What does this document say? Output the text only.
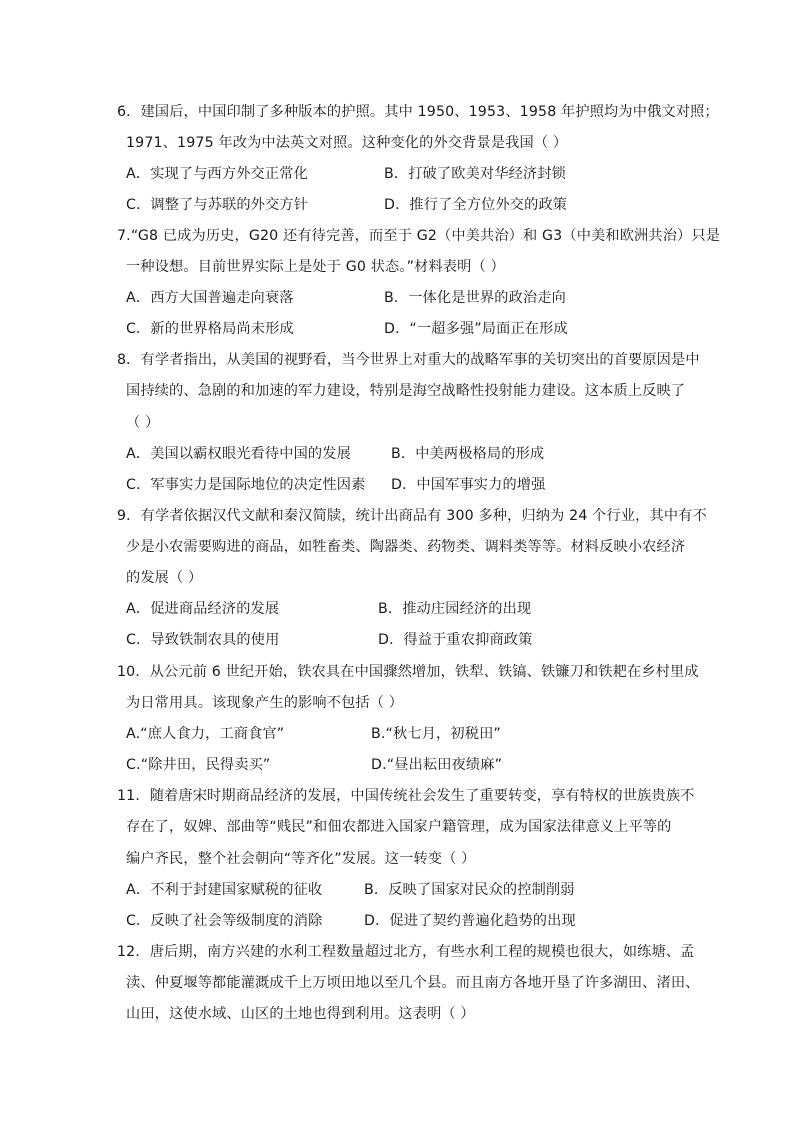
6．建国后，中国印制了多种版本的护照。其中 1950、1953、1958 年护照均为中俄文对照；
1971、1975 年改为中法英文对照。这种变化的外交背景是我国（ ）
A．实现了与西方外交正常化	B．打破了欧美对华经济封锁
C．调整了与苏联的外交方针	D．推行了全方位外交的政策
7.“G8 已成为历史，G20 还有待完善，而至于 G2（中美共治）和 G3（中美和欧洲共治）只是
一种设想。目前世界实际上是处于 G0 状态。”材料表明（ ）
A．西方大国普遍走向衰落	B．一体化是世界的政治走向
C．新的世界格局尚未形成	D．“一超多强”局面正在形成
8．有学者指出，从美国的视野看，当今世界上对重大的战略军事的关切突出的首要原因是中
国持续的、急剧的和加速的军力建设，特别是海空战略性投射能力建设。这本质上反映了
（ ）
A．美国以霸权眼光看待中国的发展	B．中美两极格局的形成
C．军事实力是国际地位的决定性因素 D．中国军事实力的增强
9．有学者依据汉代文献和秦汉简牍，统计出商品有 300 多种，归纳为 24 个行业，其中有不
少是小农需要购进的商品，如牲畜类、陶器类、药物类、调料类等等。材料反映小农经济
的发展（ ）
A．促进商品经济的发展	B．推动庄园经济的出现
C．导致铁制农具的使用	D．得益于重农抑商政策
10．从公元前 6 世纪开始，铁农具在中国骤然增加，铁犁、铁镐、铁镰刀和铁耙在乡村里成
为日常用具。该现象产生的影响不包括（ ）
A.“庶人食力，工商食官”	B.“秋七月，初税田”
C.“除井田，民得卖买”	D.“昼出耘田夜绩麻”
11．随着唐宋时期商品经济的发展，中国传统社会发生了重要转变，享有特权的世族贵族不
存在了，奴婢、部曲等“贱民”和佃农都进入国家户籍管理，成为国家法律意义上平等的
编户齐民，整个社会朝向“等齐化”发展。这一转变（ ）
A．不利于封建国家赋税的征收	B．反映了国家对民众的控制削弱
C．反映了社会等级制度的消除	D．促进了契约普遍化趋势的出现
12．唐后期，南方兴建的水利工程数量超过北方，有些水利工程的规模也很大，如练塘、孟
渎、仲夏堰等都能灌溉成千上万顷田地以至几个县。而且南方各地开垦了许多湖田、渚田、
山田，这使水域、山区的土地也得到利用。这表明（ ）
